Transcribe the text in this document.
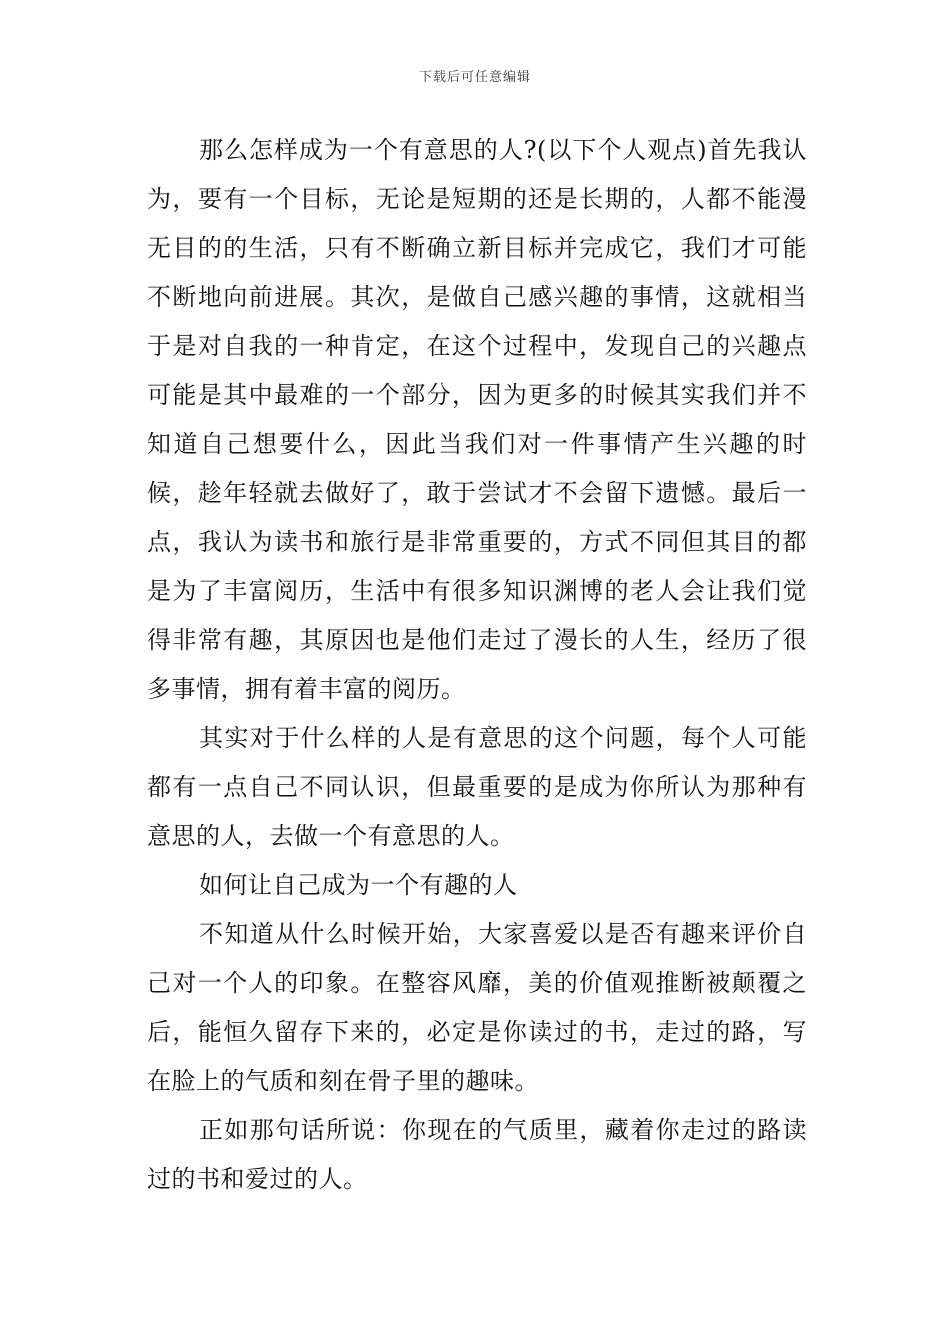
下载后可任意编辑

那么怎样成为一个有意思的人?(以下个人观点)首先我认为，要有一个目标，无论是短期的还是长期的，人都不能漫无目的的生活，只有不断确立新目标并完成它，我们才可能不断地向前进展。其次，是做自己感兴趣的事情，这就相当于是对自我的一种肯定，在这个过程中，发现自己的兴趣点可能是其中最难的一个部分，因为更多的时候其实我们并不知道自己想要什么，因此当我们对一件事情产生兴趣的时候，趁年轻就去做好了，敢于尝试才不会留下遗憾。最后一点，我认为读书和旅行是非常重要的，方式不同但其目的都是为了丰富阅历，生活中有很多知识渊博的老人会让我们觉得非常有趣，其原因也是他们走过了漫长的人生，经历了很多事情，拥有着丰富的阅历。

其实对于什么样的人是有意思的这个问题，每个人可能都有一点自己不同认识，但最重要的是成为你所认为那种有意思的人，去做一个有意思的人。

如何让自己成为一个有趣的人

不知道从什么时候开始，大家喜爱以是否有趣来评价自己对一个人的印象。在整容风靡，美的价值观推断被颠覆之后，能恒久留存下来的，必定是你读过的书，走过的路，写在脸上的气质和刻在骨子里的趣味。

正如那句话所说：你现在的气质里，藏着你走过的路读过的书和爱过的人。
